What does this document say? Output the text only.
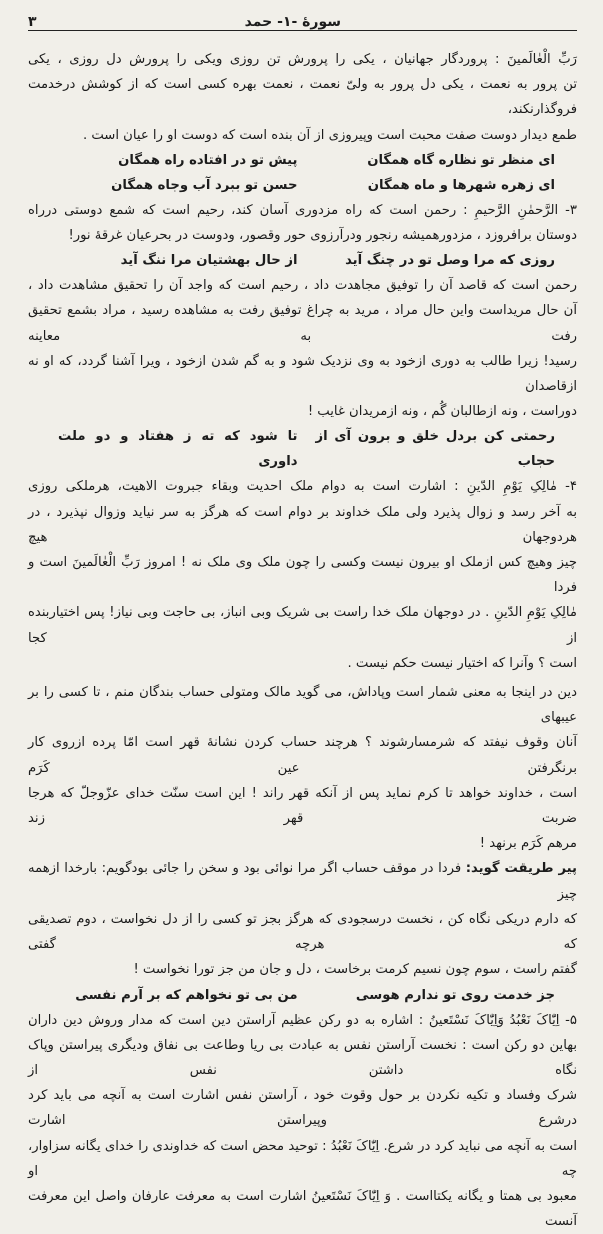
سورهٔ -۱- حمد
۳

رَبِّ الْعٰالَمینَ : پروردگار جهانیان ، یکی را پرورش تن روزی ویکی را پرورش دل روزی ، یکی

تن پرور به نعمت ، یکی دل پرور به ولیّ نعمت ، نعمت بهره کسی است که از کوشش درخدمت فروگذارنکند،

طمع دیدار دوست صفت محبت است وپیروزی از آن بنده است که دوست او را عیان است .

ای منظر تو نظاره گاه همگان
پیش تو در افتاده راه همگان
ای زهره شهرها و ماه همگان
حسن تو ببرد آب وجاه همگان

۳- الرَّحمٰنِ الرَّحیمِ : رحمن است که راه مزدوری آسان کند، رحیم است که شمع دوستی درراه

دوستان برافروزد ، مزدورهمیشه رنجور ودرآرزوی حور وقصور، ودوست در بحرعیان غرقهٔ نور!

روزی که مرا وصل تو در چنگ آید
از حال بهشتیان مرا ننگ آید

رحمن است که قاصد آن را توفیق مجاهدت داد ، رحیم است که واجد آن را تحقیق مشاهدت داد ،

آن حال مریداست واین حال مراد ، مرید به چراغ توفیق رفت به مشاهده رسید ، مراد بشمع تحقیق رفت به معاینه

رسید! زیرا طالب به دوری ازخود به وی نزدیک شود و به گم شدن ازخود ، ویرا آشنا گردد، که او نه ازقاصدان

دوراست ، ونه ازطالبان گُم ، ونه ازمریدان غایب !

رحمتی کن بردل خلق و برون آی از حجاب
تا شود که ته ز هفتاد و دو ملت داوری

۴- مٰالِکِ یَوْمِ الدّینِ : اشارت است به دوام ملک احدیت وبقاء جبروت الاهیت، هرملکی روزی

به آخر رسد و زوال پذیرد ولی ملک خداوند بر دوام است که هرگز به سر نیاید وزوال نپذیرد ، در هردوجهان هیچ

چیز وهیچ کس ازملک او بیرون نیست وکسی را چون ملک وی ملک نه ! امروز رَبِّ الْعٰالَمینَ است و فردا

مٰالِکِ یَوْمِ الدّینِ . در دوجهان ملک خدا راست بی شریک وبی انباز، بی حاجت وبی نیاز! پس اختیاربنده از کجا

است ؟ وآنرا که اختیار نیست حکم نیست .

دین در اینجا به معنی شمار است وپاداش، می گوید مالک ومتولی حساب بندگان منم ، تا کسی را بر عیبهای

آنان وقوف نیفتد که شرمسارشوند ؟ هرچند حساب کردن نشانهٔ قهر است امّا پرده ازروی کار برنگرفتن عین کَرَم

است ، خداوند خواهد تا کرم نماید پس از آنکه قهر راند ! این است سنّت خدای عزّوجلّ که هرجا ضربت قهر زند

مرهم کَرَم برنهد !

پیر طریقت گوید: فردا در موقف حساب اگر مرا نوائی بود و سخن را جائی بودگویم: بارخدا ازهمه چیز

که دارم دریکی نگاه کن ، نخست درسجودی که هرگز بجز تو کسی را از دل نخواست ، دوم تصدیقی که هرچه گفتی

گفتم راست ، سوم چون نسیم کرمت برخاست ، دل و جان من جز تورا نخواست !

جز خدمت روی تو ندارم هوسی
من بی تو نخواهم که بر آرم نفسی

۵- اِیّٰاکَ نَعْبُدُ وَاِیّٰاکَ نَسْتَعینُ : اشاره به دو رکن عظیم آراستن دین است که مدار وروش دین داران

بهاین دو رکن است : نخست آراستن نفس به عبادت بی ریا وطاعت بی نفاق ودیگری پیراستن وپاک نگاه داشتن نفس از

شرک وفساد و تکیه نکردن بر حول وقوت خود ، آراستن نفس اشارت است به آنچه می باید کرد درشرع وپیراستن اشارت

است به آنچه می نباید کرد در شرع. اِیّٰاکَ نَعْبُدُ : توحید محض است که خداوندی را خدای یگانه سزاوار، چه او

معبود بی همتا و یگانه یکتااست . وَ اِیّٰاکَ نَسْتَعینُ اشارت است به معرفت عارفان واصل این معرفت آنست
